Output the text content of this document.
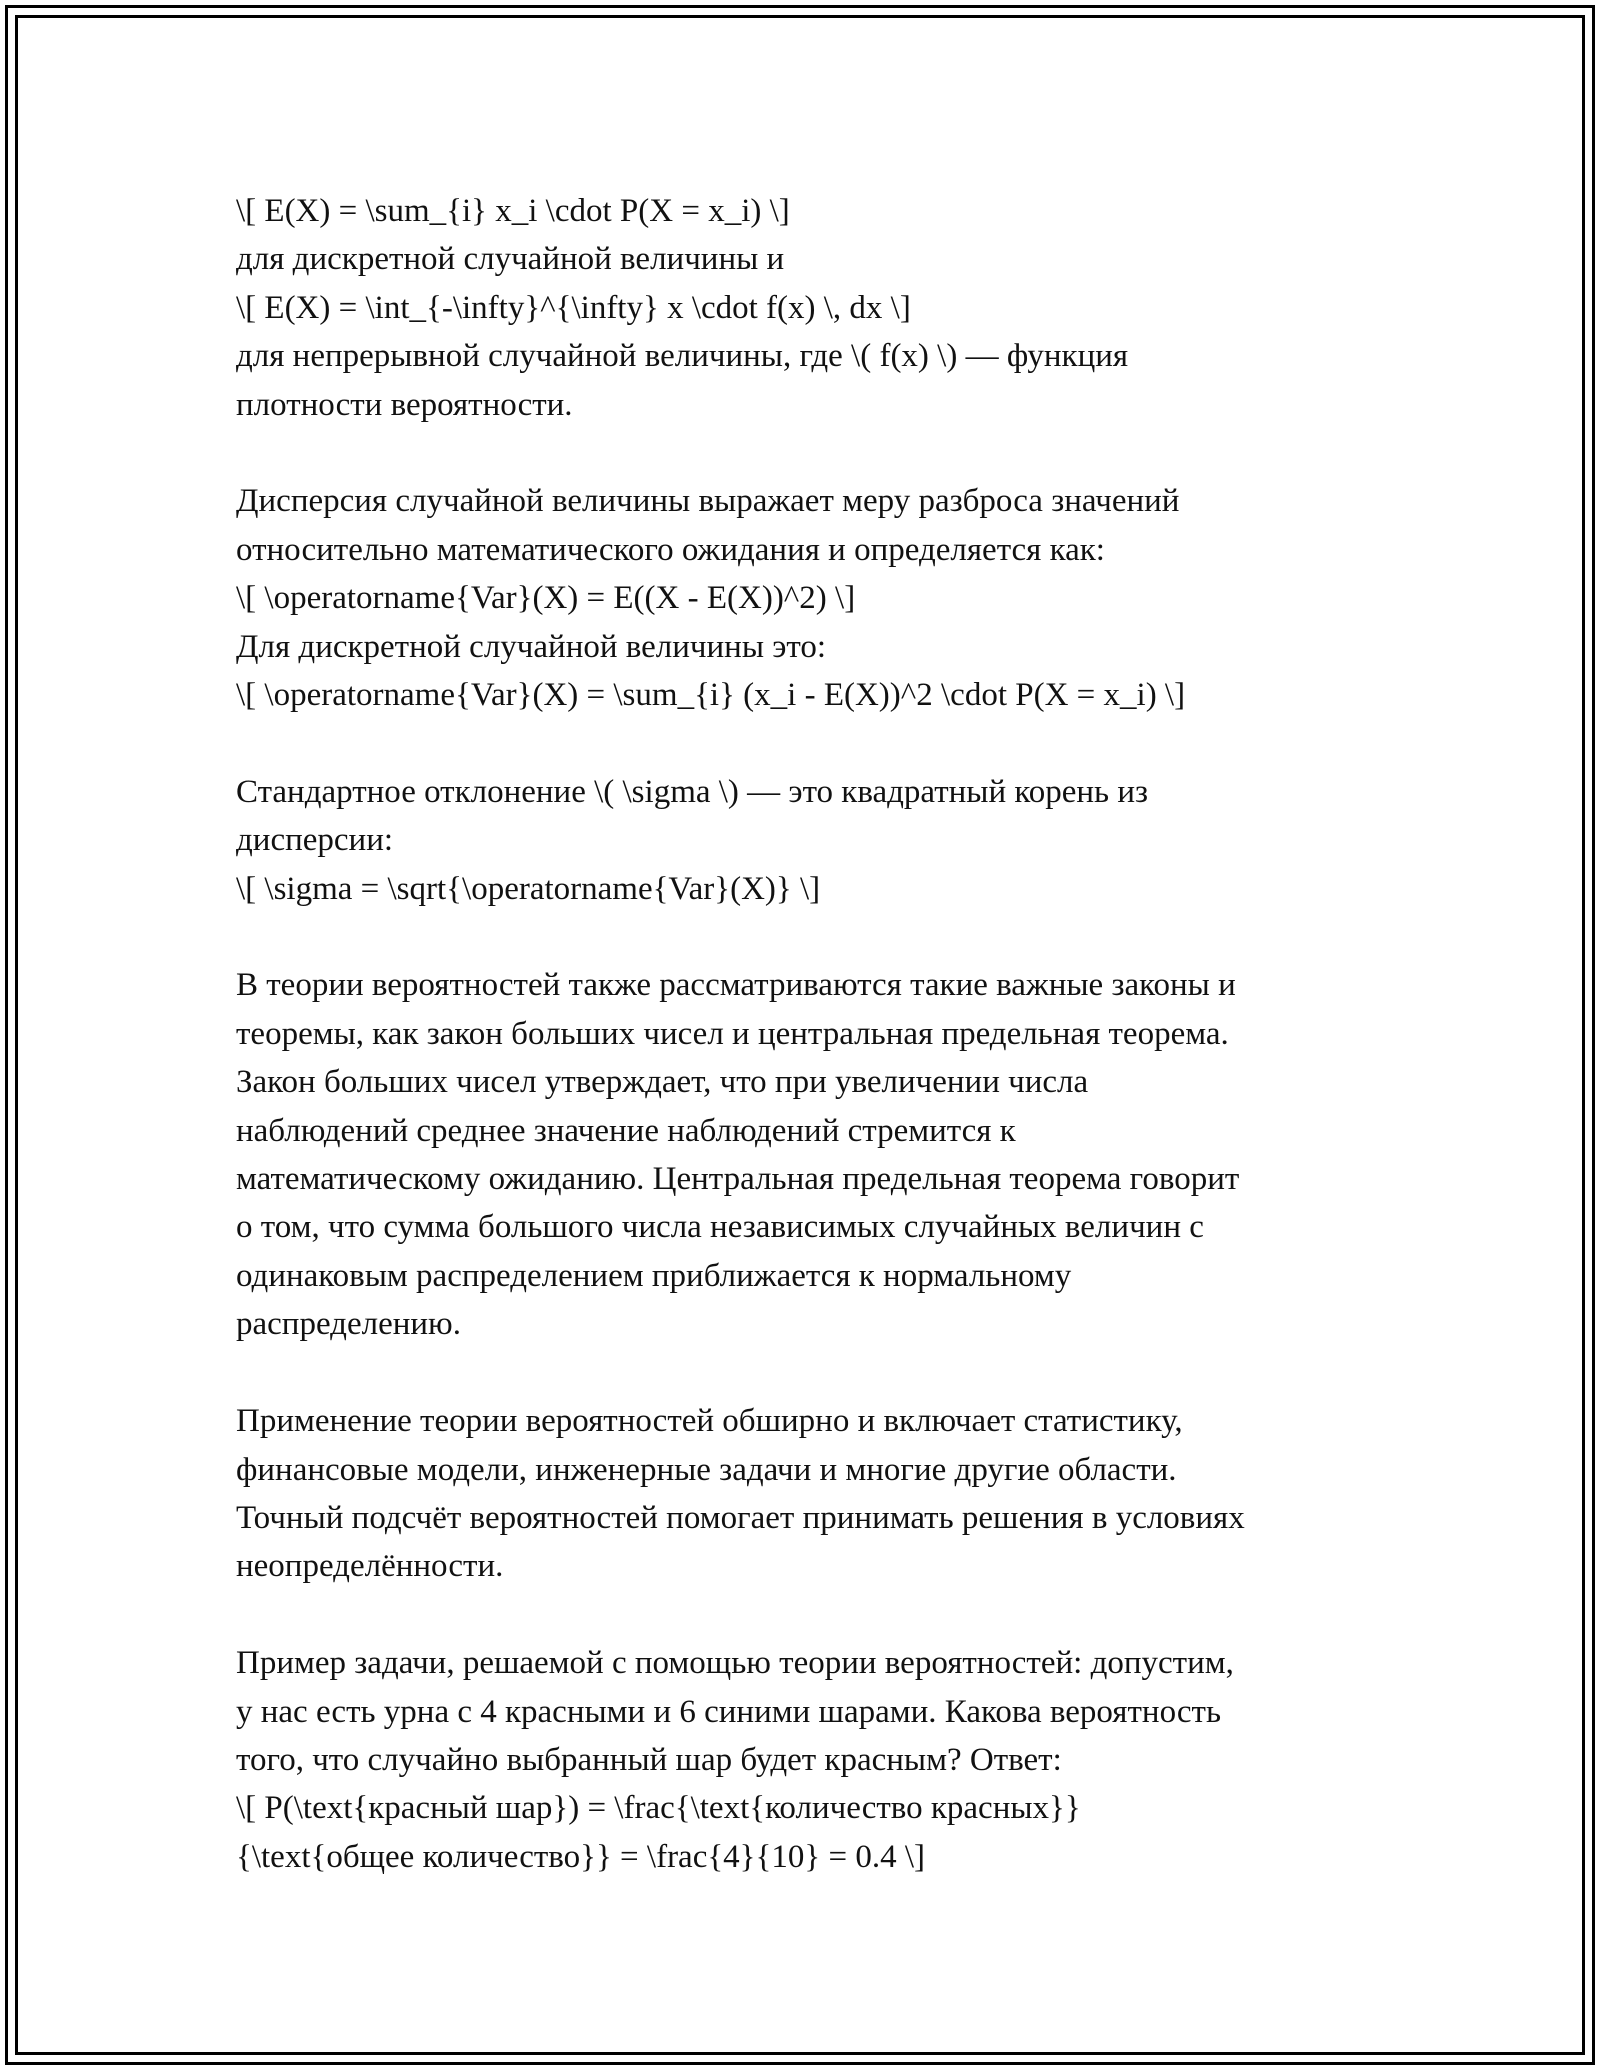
\[ E(X) = \sum_{i} x_i \cdot P(X = x_i) \]
для дискретной случайной величины и
\[ E(X) = \int_{-\infty}^{\infty} x \cdot f(x) \, dx \]
для непрерывной случайной величины, где \( f(x) \) — функция
плотности вероятности.
Дисперсия случайной величины выражает меру разброса значений
относительно математического ожидания и определяется как:
\[ \operatorname{Var}(X) = E((X - E(X))^2) \]
Для дискретной случайной величины это:
\[ \operatorname{Var}(X) = \sum_{i} (x_i - E(X))^2 \cdot P(X = x_i) \]
Стандартное отклонение \( \sigma \) — это квадратный корень из
дисперсии:
\[ \sigma = \sqrt{\operatorname{Var}(X)} \]
В теории вероятностей также рассматриваются такие важные законы и
теоремы, как закон больших чисел и центральная предельная теорема.
Закон больших чисел утверждает, что при увеличении числа
наблюдений среднее значение наблюдений стремится к
математическому ожиданию. Центральная предельная теорема говорит
о том, что сумма большого числа независимых случайных величин с
одинаковым распределением приближается к нормальному
распределению.
Применение теории вероятностей обширно и включает статистику,
финансовые модели, инженерные задачи и многие другие области.
Точный подсчёт вероятностей помогает принимать решения в условиях
неопределённости.
Пример задачи, решаемой с помощью теории вероятностей: допустим,
у нас есть урна с 4 красными и 6 синими шарами. Какова вероятность
того, что случайно выбранный шар будет красным? Ответ:
\[ P(\text{красный шар}) = \frac{\text{количество красных}}
{\text{общее количество}} = \frac{4}{10} = 0.4 \]
